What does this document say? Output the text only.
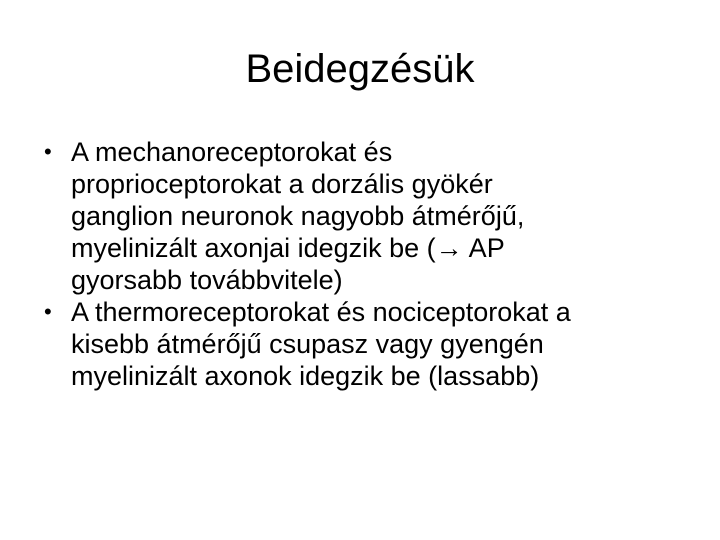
Beidegzésük
• A mechanoreceptorokat és
proprioceptorokat a dorzális gyökér
ganglion neuronok nagyobb átmérőjű,
myelinizált axonjai idegzik be (→ AP
gyorsabb továbbvitele)
• A thermoreceptorokat és nociceptorokat a
kisebb átmérőjű csupasz vagy gyengén
myelinizált axonok idegzik be (lassabb)
